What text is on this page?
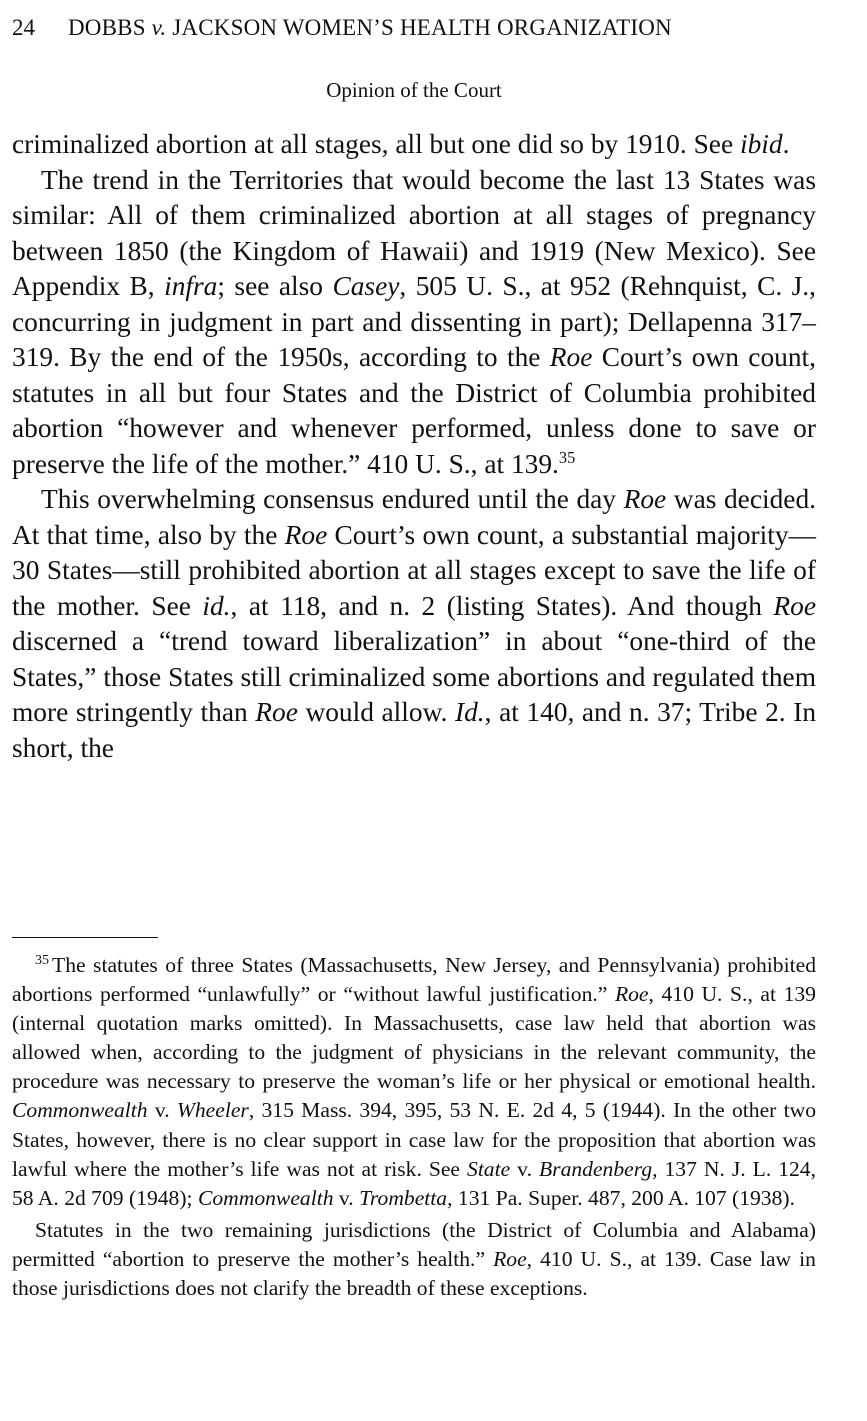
24 DOBBS v. JACKSON WOMEN’S HEALTH ORGANIZATION
Opinion of the Court

criminalized abortion at all stages, all but one did so by 1910. See ibid.

The trend in the Territories that would become the last 13 States was similar: All of them criminalized abortion at all stages of pregnancy between 1850 (the Kingdom of Hawaii) and 1919 (New Mexico). See Appendix B, infra; see also Casey, 505 U. S., at 952 (Rehnquist, C. J., concurring in judgment in part and dissenting in part); Dellapenna 317–319. By the end of the 1950s, according to the Roe Court’s own count, statutes in all but four States and the District of Columbia prohibited abortion “however and whenever performed, unless done to save or preserve the life of the mother.” 410 U. S., at 139.35

This overwhelming consensus endured until the day Roe was decided. At that time, also by the Roe Court’s own count, a substantial majority—30 States—still prohibited abortion at all stages except to save the life of the mother. See id., at 118, and n. 2 (listing States). And though Roe discerned a “trend toward liberalization” in about “one-third of the States,” those States still criminalized some abortions and regulated them more stringently than Roe would allow. Id., at 140, and n. 37; Tribe 2. In short, the

$^{35}$ The statutes of three States (Massachusetts, New Jersey, and Pennsylvania) prohibited abortions performed “unlawfully” or “without lawful justification.” Roe, 410 U. S., at 139 (internal quotation marks omitted). In Massachusetts, case law held that abortion was allowed when, according to the judgment of physicians in the relevant community, the procedure was necessary to preserve the woman’s life or her physical or emotional health. Commonwealth v. Wheeler, 315 Mass. 394, 395, 53 N. E. 2d 4, 5 (1944). In the other two States, however, there is no clear support in case law for the proposition that abortion was lawful where the mother’s life was not at risk. See State v. Brandenberg, 137 N. J. L. 124, 58 A. 2d 709 (1948); Commonwealth v. Trombetta, 131 Pa. Super. 487, 200 A. 107 (1938).

Statutes in the two remaining jurisdictions (the District of Columbia and Alabama) permitted “abortion to preserve the mother’s health.” Roe, 410 U. S., at 139. Case law in those jurisdictions does not clarify the breadth of these exceptions.
